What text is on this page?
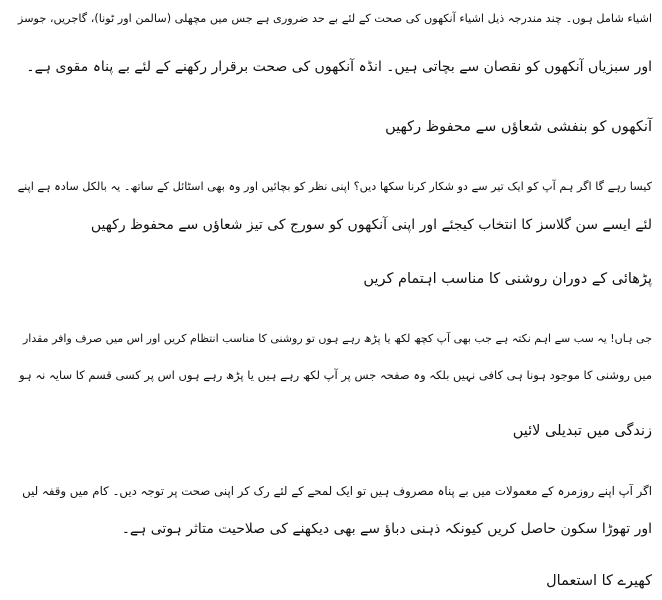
اشیاء شامل ہوں۔ چند مندرجہ ذیل اشیاء آنکھوں کی صحت کے لئے بے حد ضروری ہے جس میں مچھلی (سالمن اور ٹونا)، گاجریں، جوسز
اور سبزیاں آنکھوں کو نقصان سے بچاتی ہیں۔ انڈہ آنکھوں کی صحت برقرار رکھنے کے لئے بے پناہ مقوی ہے۔
آنکھوں کو بنفشی شعاؤں سے محفوظ رکھیں
کیسا رہے گا اگر ہم آپ کو ایک تیر سے دو شکار کرنا سکھا دیں؟ اپنی نظر کو بچائیں اور وہ بھی اسٹائل کے ساتھ۔ یہ بالکل سادہ ہے اپنے
لئے ایسے سن گلاسز کا انتخاب کیجئے اور اپنی آنکھوں کو سورج کی تیز شعاؤں سے محفوظ رکھیں
پڑھائی کے دوران روشنی کا مناسب اہتمام کریں
جی ہاں! یہ سب سے اہم نکتہ ہے جب بھی آپ کچھ لکھ یا پڑھ رہے ہوں تو روشنی کا مناسب انتظام کریں اور اس میں صرف وافر مقدار
میں روشنی کا موجود ہونا ہی کافی نہیں بلکہ وہ صفحہ جس پر آپ لکھ رہے ہیں یا پڑھ رہے ہوں اس پر کسی قسم کا سایہ نہ ہو
زندگی میں تبدیلی لائیں
اگر آپ اپنے روزمرہ کے معمولات میں بے پناہ مصروف ہیں تو ایک لمحے کے لئے رک کر اپنی صحت پر توجہ دیں۔ کام میں وقفہ لیں
اور تھوڑا سکون حاصل کریں کیونکہ ذہنی دباؤ سے بھی دیکھنے کی صلاحیت متاثر ہوتی ہے۔
کھیرے کا استعمال
